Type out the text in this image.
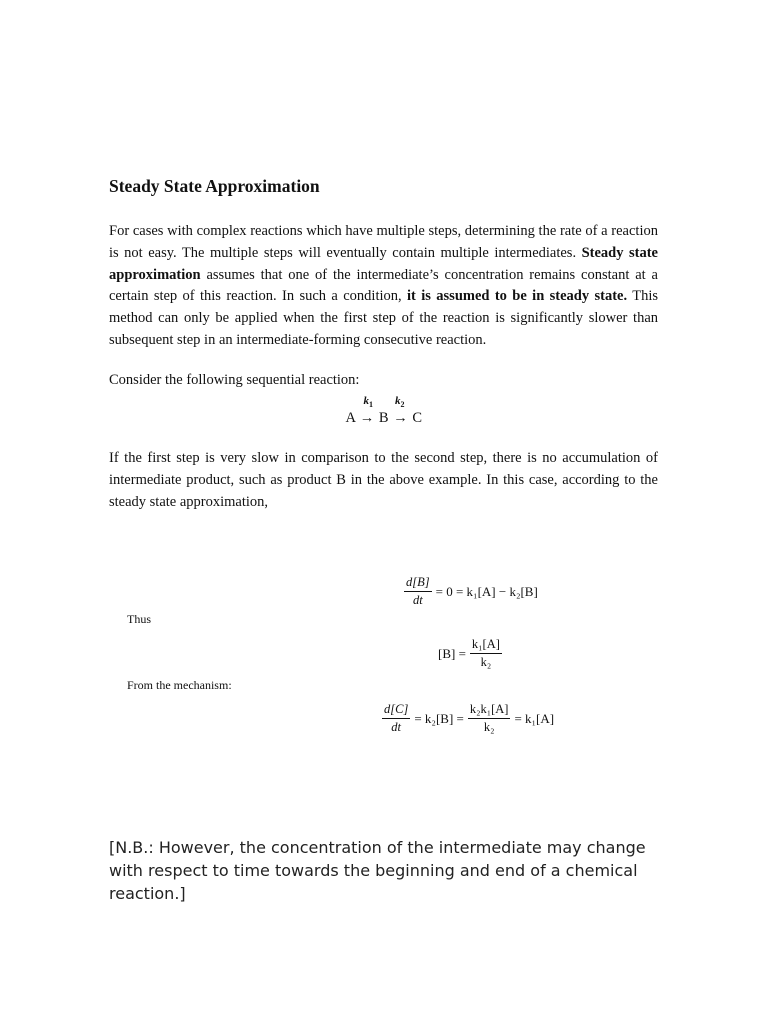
Steady State Approximation

For cases with complex reactions which have multiple steps, determining the rate of a reaction is not easy. The multiple steps will eventually contain multiple intermediates. Steady state approximation assumes that one of the intermediate’s concentration remains constant at a certain step of this reaction. In such a condition, it is assumed to be in steady state. This method can only be applied when the first step of the reaction is significantly slower than subsequent step in an intermediate-forming consecutive reaction.

Consider the following sequential reaction:

$k_1$ $k_2$
A → B → C

If the first step is very slow in comparison to the second step, there is no accumulation of intermediate product, such as product B in the above example. In this case, according to the steady state approximation,

$\frac{d[B]}{dt} = 0 = k_1[A] - k_2[B]$

Thus

$[B] = \frac{\text{k₁[A]}}{\text{k₂}}$

From the mechanism:

$\frac{d[C]}{dt} = k_2[B] = \frac{\text{k₂k₁[A]}}{\text{k₂}} = k_1[A]$

[N.B.: However, the concentration of the intermediate may change with respect to time towards the beginning and end of a chemical reaction.]
